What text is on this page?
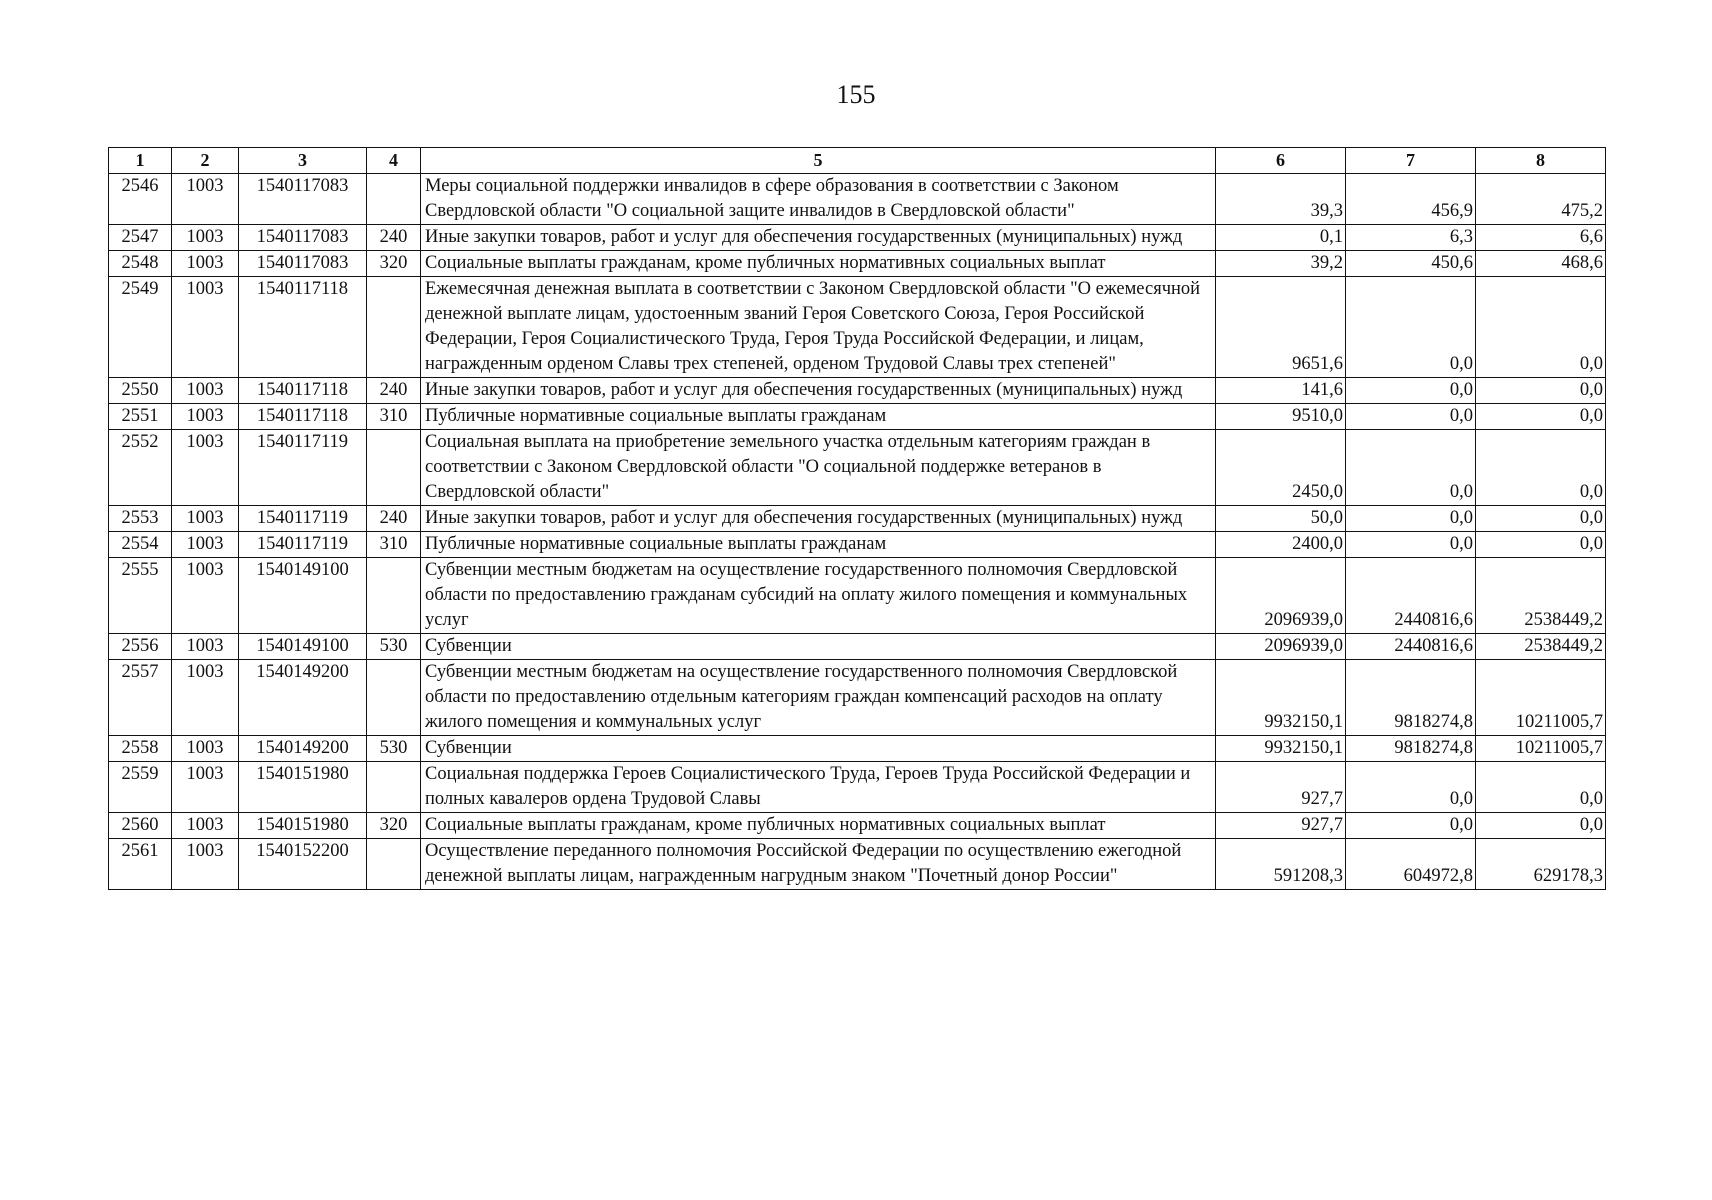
155
1	2	3	4	5	6	7	8
2546	1003	1540117083		Меры социальной поддержки инвалидов в сфере образования в соответствии с Законом Свердловской области "О социальной защите инвалидов в Свердловской области"	39,3	456,9	475,2
2547	1003	1540117083	240	Иные закупки товаров, работ и услуг для обеспечения государственных (муниципальных) нужд	0,1	6,3	6,6
2548	1003	1540117083	320	Социальные выплаты гражданам, кроме публичных нормативных социальных выплат	39,2	450,6	468,6
2549	1003	1540117118		Ежемесячная денежная выплата в соответствии с Законом Свердловской области "О ежемесячной денежной выплате лицам, удостоенным званий Героя Советского Союза, Героя Российской Федерации, Героя Социалистического Труда, Героя Труда Российской Федерации, и лицам, награжденным орденом Славы трех степеней, орденом Трудовой Славы трех степеней"	9651,6	0,0	0,0
2550	1003	1540117118	240	Иные закупки товаров, работ и услуг для обеспечения государственных (муниципальных) нужд	141,6	0,0	0,0
2551	1003	1540117118	310	Публичные нормативные социальные выплаты гражданам	9510,0	0,0	0,0
2552	1003	1540117119		Социальная выплата на приобретение земельного участка отдельным категориям граждан в соответствии с Законом Свердловской области "О социальной поддержке ветеранов в Свердловской области"	2450,0	0,0	0,0
2553	1003	1540117119	240	Иные закупки товаров, работ и услуг для обеспечения государственных (муниципальных) нужд	50,0	0,0	0,0
2554	1003	1540117119	310	Публичные нормативные социальные выплаты гражданам	2400,0	0,0	0,0
2555	1003	1540149100		Субвенции местным бюджетам на осуществление государственного полномочия Свердловской области по предоставлению гражданам субсидий на оплату жилого помещения и коммунальных услуг	2096939,0	2440816,6	2538449,2
2556	1003	1540149100	530	Субвенции	2096939,0	2440816,6	2538449,2
2557	1003	1540149200		Субвенции местным бюджетам на осуществление государственного полномочия Свердловской области по предоставлению отдельным категориям граждан компенсаций расходов на оплату жилого помещения и коммунальных услуг	9932150,1	9818274,8	10211005,7
2558	1003	1540149200	530	Субвенции	9932150,1	9818274,8	10211005,7
2559	1003	1540151980		Социальная поддержка Героев Социалистического Труда, Героев Труда Российской Федерации и полных кавалеров ордена Трудовой Славы	927,7	0,0	0,0
2560	1003	1540151980	320	Социальные выплаты гражданам, кроме публичных нормативных социальных выплат	927,7	0,0	0,0
2561	1003	1540152200		Осуществление переданного полномочия Российской Федерации по осуществлению ежегодной денежной выплаты лицам, награжденным нагрудным знаком "Почетный донор России"	591208,3	604972,8	629178,3
